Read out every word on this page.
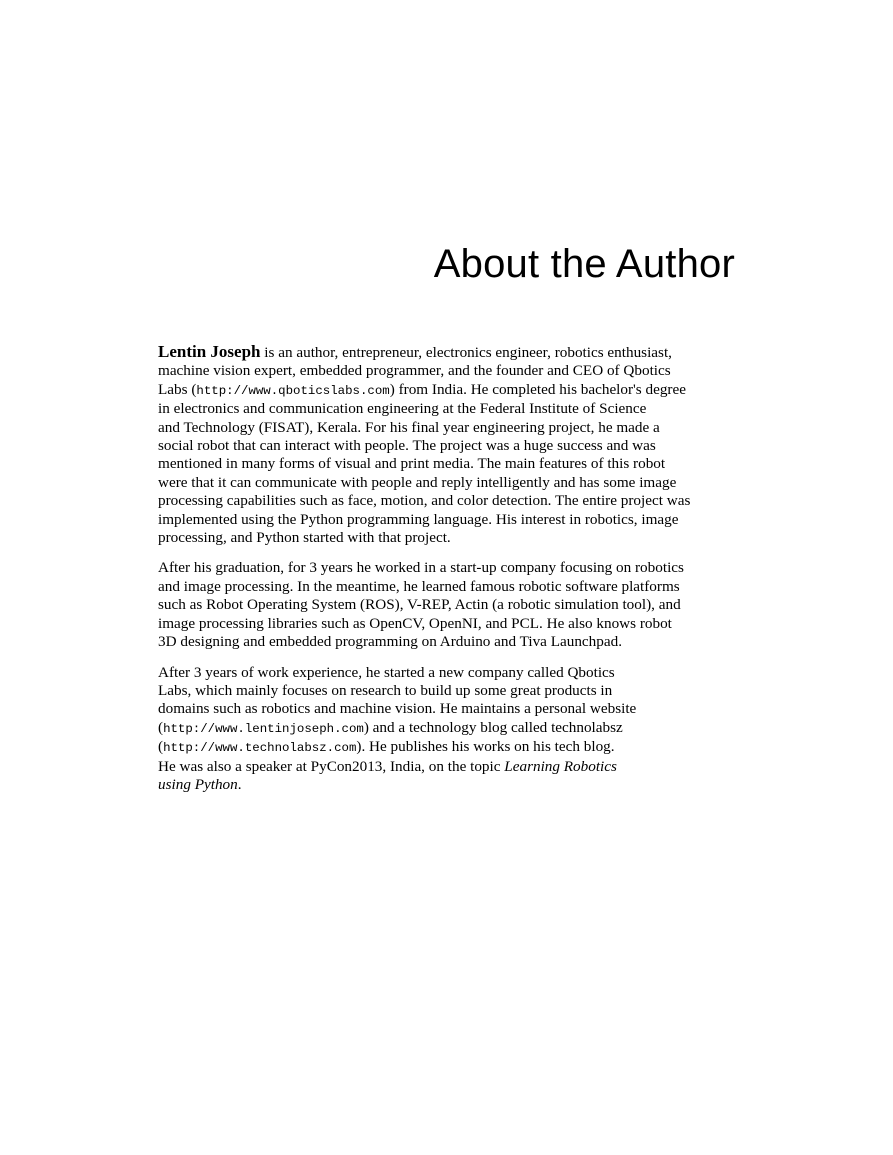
About the Author

Lentin Joseph is an author, entrepreneur, electronics engineer, robotics enthusiast,
machine vision expert, embedded programmer, and the founder and CEO of Qbotics
Labs (http://www.qboticslabs.com) from India. He completed his bachelor's degree
in electronics and communication engineering at the Federal Institute of Science
and Technology (FISAT), Kerala. For his final year engineering project, he made a
social robot that can interact with people. The project was a huge success and was
mentioned in many forms of visual and print media. The main features of this robot
were that it can communicate with people and reply intelligently and has some image
processing capabilities such as face, motion, and color detection. The entire project was
implemented using the Python programming language. His interest in robotics, image
processing, and Python started with that project.

After his graduation, for 3 years he worked in a start-up company focusing on robotics
and image processing. In the meantime, he learned famous robotic software platforms
such as Robot Operating System (ROS), V-REP, Actin (a robotic simulation tool), and
image processing libraries such as OpenCV, OpenNI, and PCL. He also knows robot
3D designing and embedded programming on Arduino and Tiva Launchpad.

After 3 years of work experience, he started a new company called Qbotics
Labs, which mainly focuses on research to build up some great products in
domains such as robotics and machine vision. He maintains a personal website
(http://www.lentinjoseph.com) and a technology blog called technolabsz
(http://www.technolabsz.com). He publishes his works on his tech blog.
He was also a speaker at PyCon2013, India, on the topic Learning Robotics
using Python.
